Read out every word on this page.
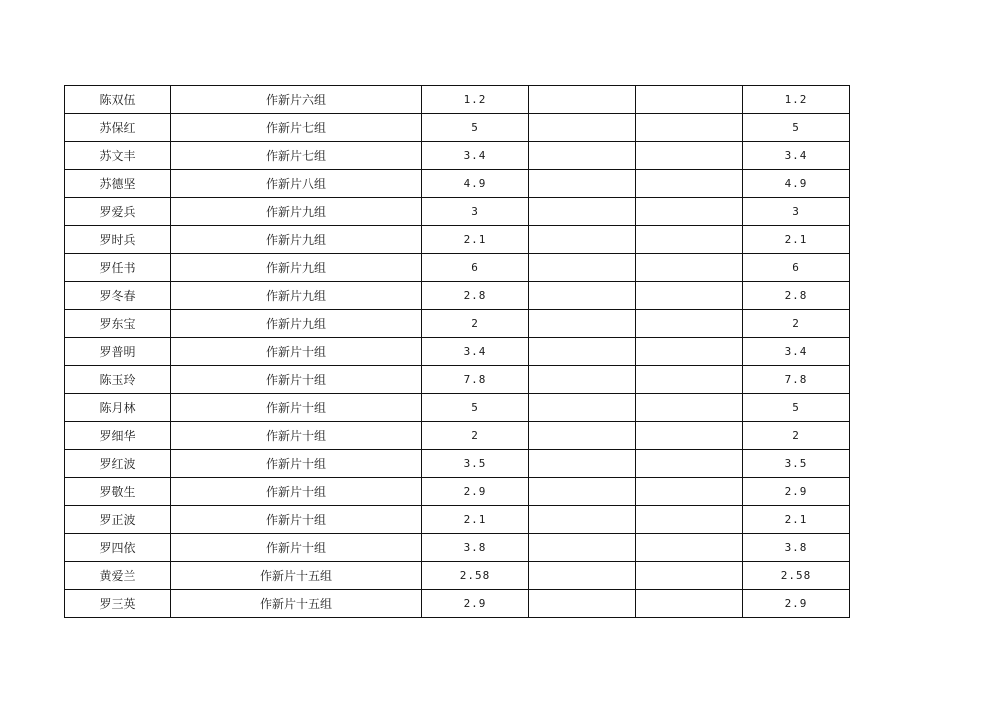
陈双伍	作新片六组	1.2			1.2
苏保红	作新片七组	5			5
苏文丰	作新片七组	3.4			3.4
苏德坚	作新片八组	4.9			4.9
罗爱兵	作新片九组	3			3
罗时兵	作新片九组	2.1			2.1
罗任书	作新片九组	6			6
罗冬春	作新片九组	2.8			2.8
罗东宝	作新片九组	2			2
罗普明	作新片十组	3.4			3.4
陈玉玲	作新片十组	7.8			7.8
陈月林	作新片十组	5			5
罗细华	作新片十组	2			2
罗红波	作新片十组	3.5			3.5
罗敬生	作新片十组	2.9			2.9
罗正波	作新片十组	2.1			2.1
罗四依	作新片十组	3.8			3.8
黄爱兰	作新片十五组	2.58			2.58
罗三英	作新片十五组	2.9			2.9
